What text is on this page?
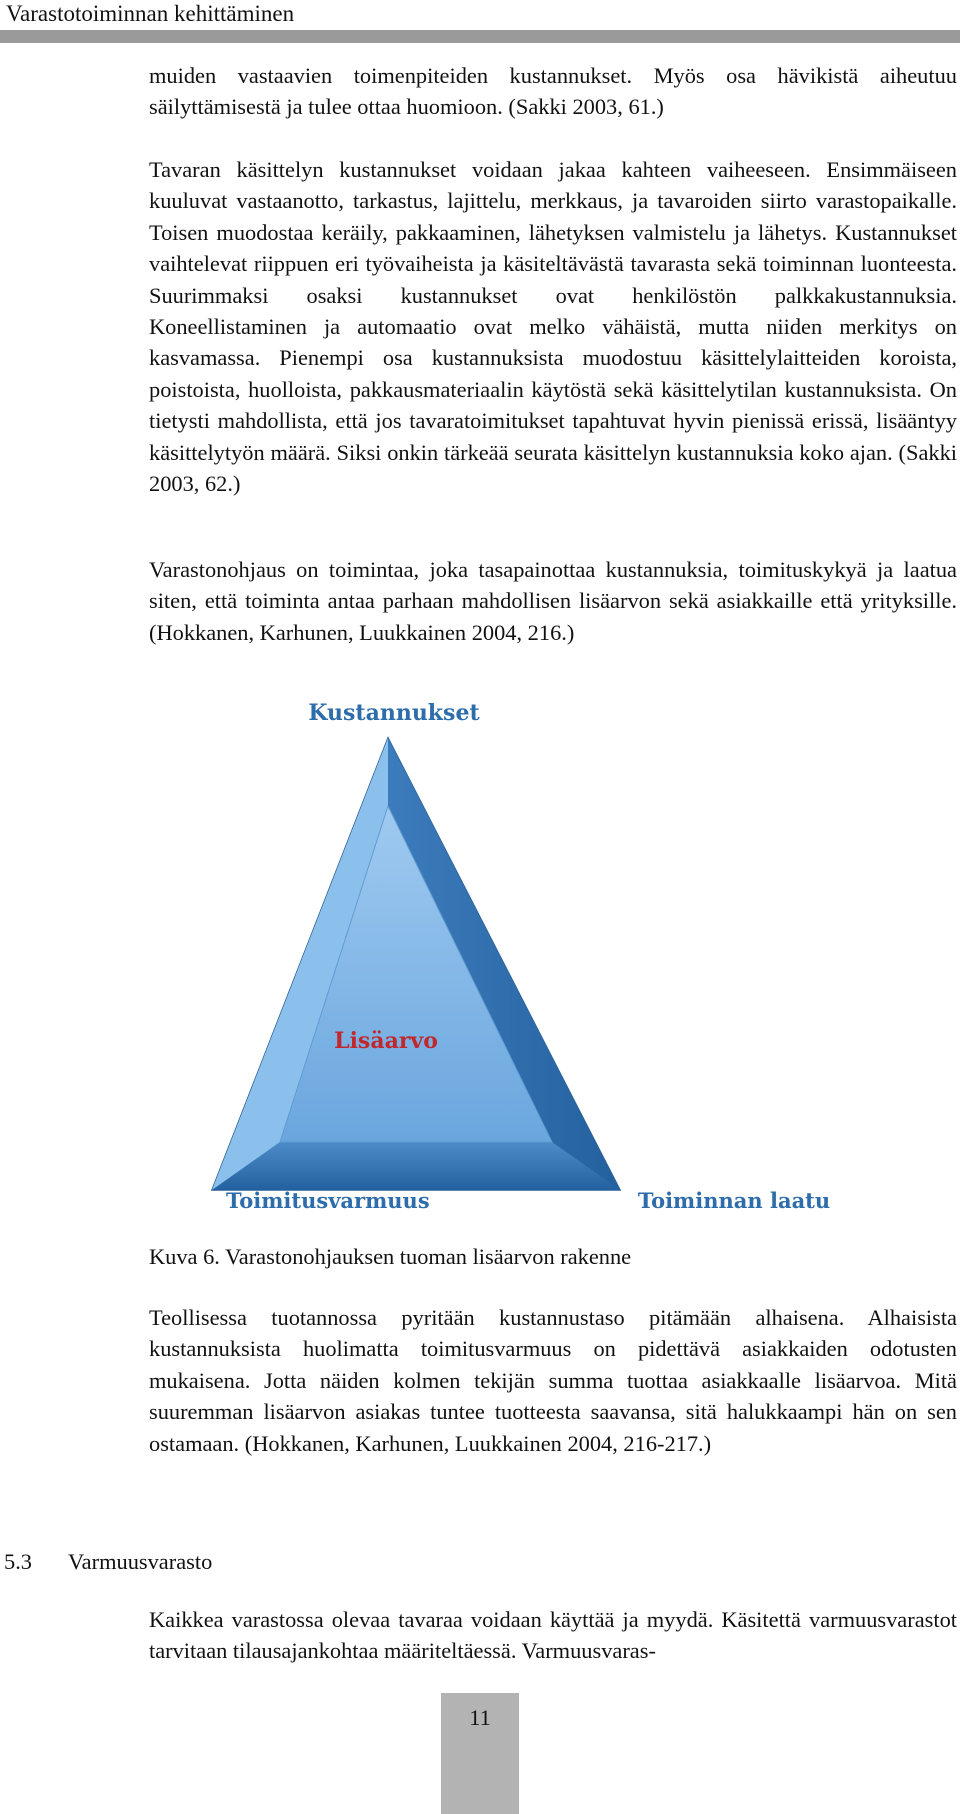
Varastotoiminnan kehittäminen

muiden vastaavien toimenpiteiden kustannukset. Myös osa hävikistä aiheutuu säilyttämisestä ja tulee ottaa huomioon. (Sakki 2003, 61.)

Tavaran käsittelyn kustannukset voidaan jakaa kahteen vaiheeseen. Ensimmäiseen kuuluvat vastaanotto, tarkastus, lajittelu, merkkaus, ja tavaroiden siirto varastopaikalle. Toisen muodostaa keräily, pakkaaminen, lähetyksen valmistelu ja lähetys. Kustannukset vaihtelevat riippuen eri työvaiheista ja käsiteltävästä tavarasta sekä toiminnan luonteesta. Suurimmaksi osaksi kustannukset ovat henkilöstön palkkakustannuksia. Koneellistaminen ja automaatio ovat melko vähäistä, mutta niiden merkitys on kasvamassa. Pienempi osa kustannuksista muodostuu käsittelylaitteiden koroista, poistoista, huolloista, pakkausmateriaalin käytöstä sekä käsittelytilan kustannuksista. On tietysti mahdollista, että jos tavaratoimitukset tapahtuvat hyvin pienissä erissä, lisääntyy käsittelytyön määrä. Siksi onkin tärkeää seurata käsittelyn kustannuksia koko ajan. (Sakki 2003, 62.)

Varastonohjaus on toimintaa, joka tasapainottaa kustannuksia, toimituskykyä ja laatua siten, että toiminta antaa parhaan mahdollisen lisäarvon sekä asiakkaille että yrityksille. (Hokkanen, Karhunen, Luukkainen 2004, 216.)

Kustannukset
Lisäarvo
Toimitusvarmuus	Toiminnan laatu
Kuva 6. Varastonohjauksen tuoman lisäarvon rakenne

Teollisessa tuotannossa pyritään kustannustaso pitämään alhaisena. Alhaisista kustannuksista huolimatta toimitusvarmuus on pidettävä asiakkaiden odotusten mukaisena. Jotta näiden kolmen tekijän summa tuottaa asiakkaalle lisäarvoa. Mitä suuremman lisäarvon asiakas tuntee tuotteesta saavansa, sitä halukkaampi hän on sen ostamaan. (Hokkanen, Karhunen, Luukkainen 2004, 216-217.)

5.3 Varmuusvarasto

Kaikkea varastossa olevaa tavaraa voidaan käyttää ja myydä. Käsitettä varmuusvarastot tarvitaan tilausajankohtaa määriteltäessä. Varmuusvaras-

11
